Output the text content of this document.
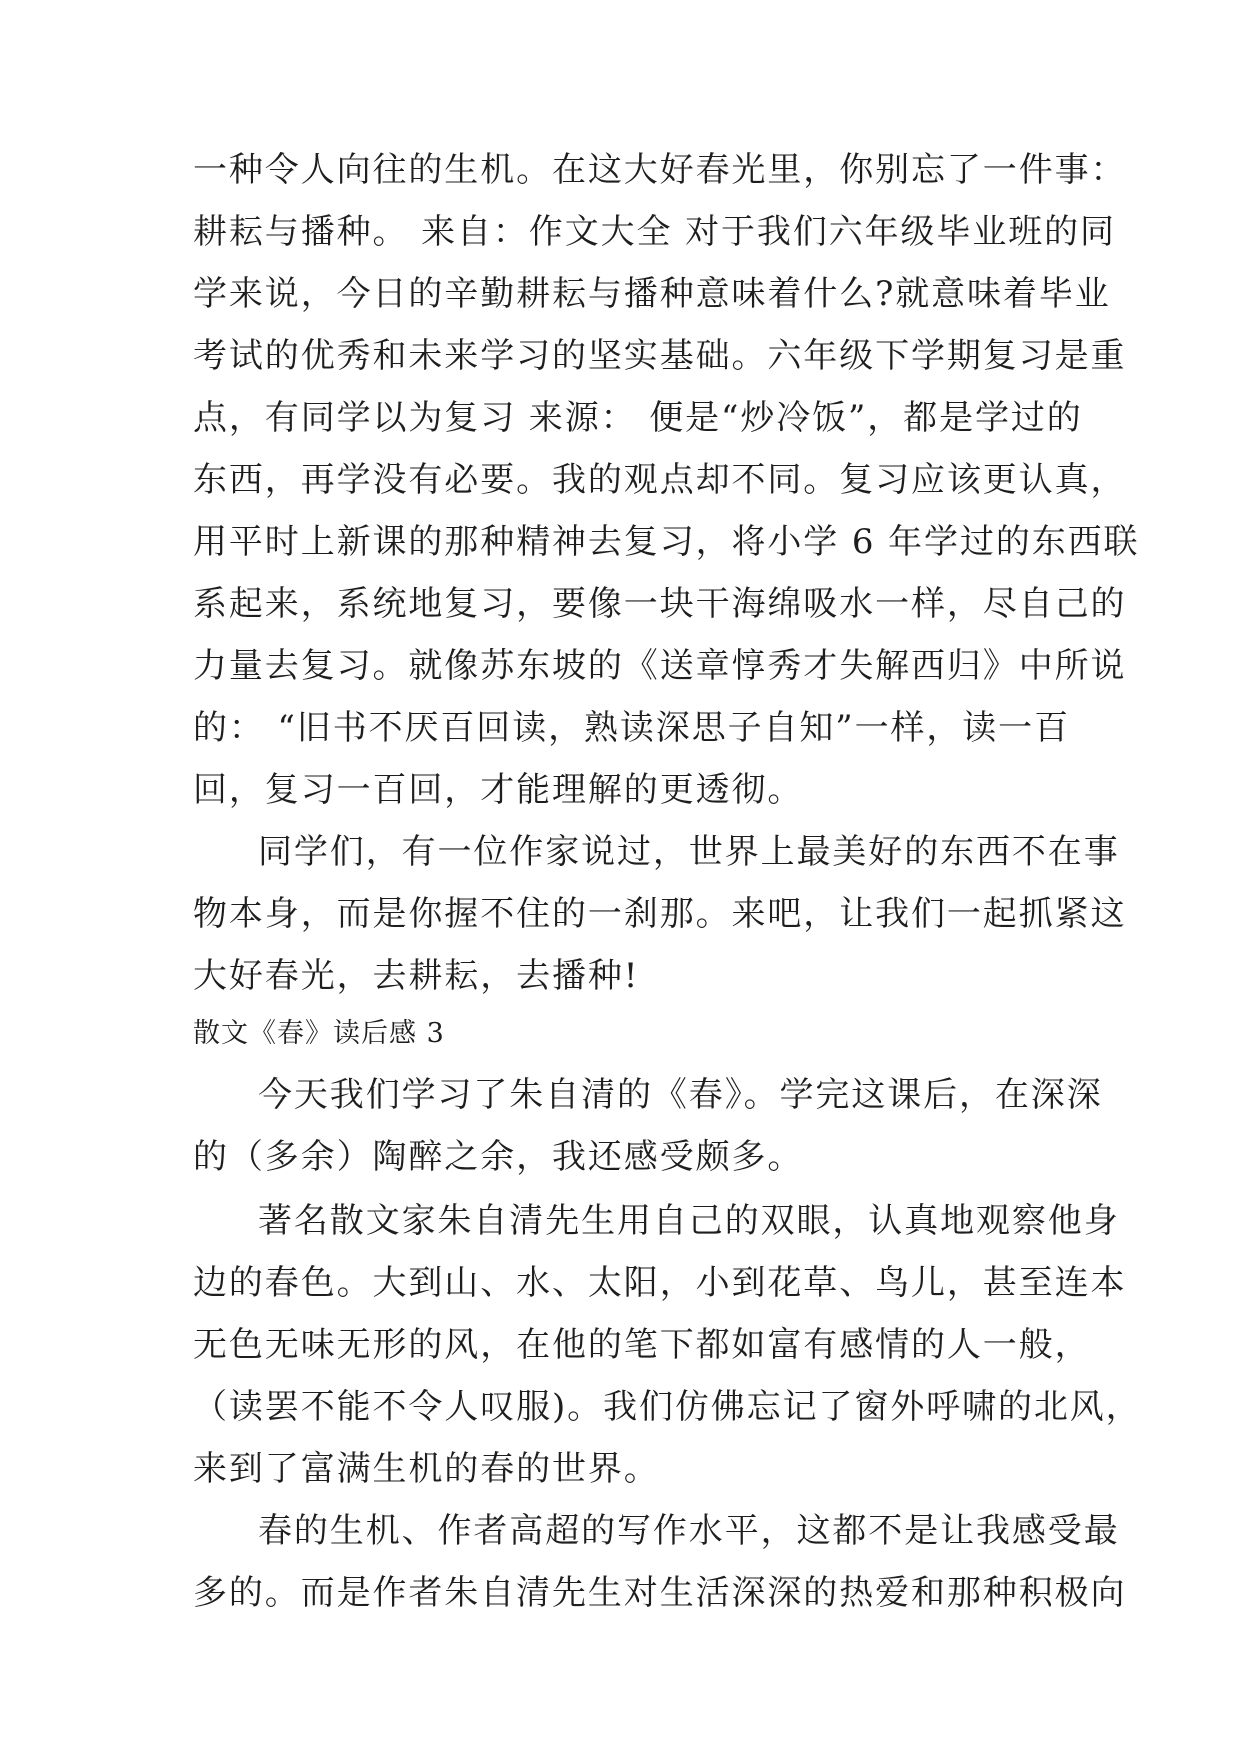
一种令人向往的生机。在这大好春光里，你别忘了一件事：
耕耘与播种。 来自：作文大全 对于我们六年级毕业班的同
学来说，今日的辛勤耕耘与播种意味着什么?就意味着毕业
考试的优秀和未来学习的坚实基础。六年级下学期复习是重
点，有同学以为复习 来源： 便是“炒冷饭”，都是学过的
东西，再学没有必要。我的观点却不同。复习应该更认真，
用平时上新课的那种精神去复习，将小学 6 年学过的东西联
系起来，系统地复习，要像一块干海绵吸水一样，尽自己的
力量去复习。就像苏东坡的《送章惇秀才失解西归》中所说
的： “旧书不厌百回读，熟读深思子自知”一样，读一百
回，复习一百回，才能理解的更透彻。
同学们，有一位作家说过，世界上最美好的东西不在事
物本身，而是你握不住的一刹那。来吧，让我们一起抓紧这
大好春光，去耕耘，去播种!
散文《春》读后感 3
今天我们学习了朱自清的《春》。学完这课后，在深深
的（多余）陶醉之余，我还感受颇多。
著名散文家朱自清先生用自己的双眼，认真地观察他身
边的春色。大到山、水、太阳，小到花草、鸟儿，甚至连本
无色无味无形的风，在他的笔下都如富有感情的人一般，
（读罢不能不令人叹服)。我们仿佛忘记了窗外呼啸的北风，
来到了富满生机的春的世界。
春的生机、作者高超的写作水平，这都不是让我感受最
多的。而是作者朱自清先生对生活深深的热爱和那种积极向
